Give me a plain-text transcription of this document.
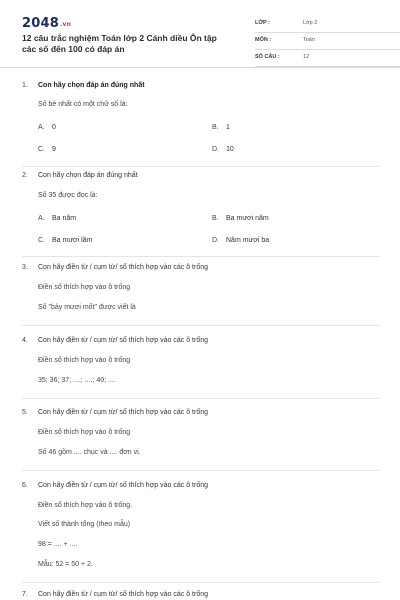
2048.vn
12 câu trắc nghiệm Toán lớp 2 Cánh diều Ôn tập các số đến 100 có đáp án
LỚP :	Lớp 2
MÔN :	Toán
SỐ CÂU :	12
1. Con hãy chọn đáp án đúng nhất
Số bé nhất có một chữ số là:
A. 0	B. 1
C. 9	D. 10
2. Con hãy chọn đáp án đúng nhất
Số 35 được đọc là:
A. Ba năm	B. Ba mươi năm
C. Ba mươi lăm	D. Năm mươi ba
3. Con hãy điền từ / cụm từ/ số thích hợp vào các ô trống
Điền số thích hợp vào ô trống
Số "bảy mươi mốt" được viết là
4. Con hãy điền từ / cụm từ/ số thích hợp vào các ô trống
Điền số thích hợp vào ô trống
35; 36; 37; ....; ....; 40; ....
5. Con hãy điền từ / cụm từ/ số thích hợp vào các ô trống
Điền số thích hợp vào ô trống
Số 46 gồm .... chục và .... đơn vị.
6. Con hãy điền từ / cụm từ/ số thích hợp vào các ô trống
Điền số thích hợp vào ô trống.
Viết số thành tổng (theo mẫu)
98 = .... + ....
Mẫu: 52 = 50 + 2.
7. Con hãy điền từ / cụm từ/ số thích hợp vào các ô trống
